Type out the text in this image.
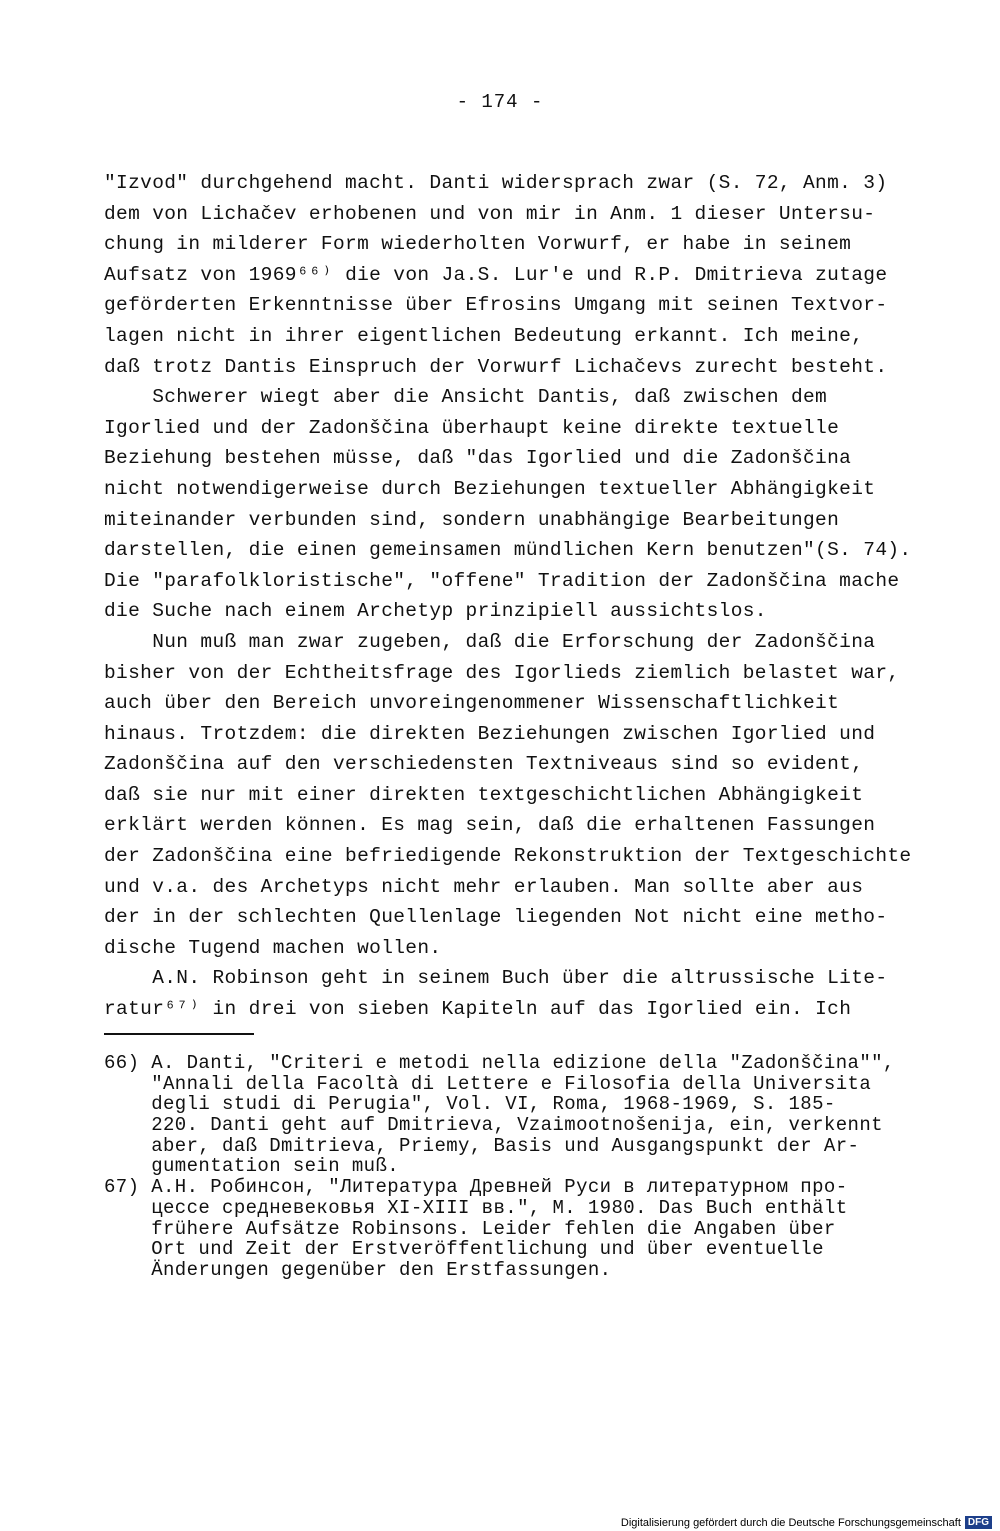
- 174 -
"Izvod" durchgehend macht. Danti widersprach zwar (S. 72, Anm. 3)
dem von Lichačev erhobenen und von mir in Anm. 1 dieser Untersu-
chung in milderer Form wiederholten Vorwurf, er habe in seinem
Aufsatz von 1969⁶⁶⁾ die von Ja.S. Lur'e und R.P. Dmitrieva zutage
geförderten Erkenntnisse über Efrosins Umgang mit seinen Textvor-
lagen nicht in ihrer eigentlichen Bedeutung erkannt. Ich meine,
daß trotz Dantis Einspruch der Vorwurf Lichačevs zurecht besteht.
Schwerer wiegt aber die Ansicht Dantis, daß zwischen dem
Igorlied und der Zadonščina überhaupt keine direkte textuelle
Beziehung bestehen müsse, daß "das Igorlied und die Zadonščina
nicht notwendigerweise durch Beziehungen textueller Abhängigkeit
miteinander verbunden sind, sondern unabhängige Bearbeitungen
darstellen, die einen gemeinsamen mündlichen Kern benutzen"(S. 74).
Die "parafolkloristische", "offene" Tradition der Zadonščina mache
die Suche nach einem Archetyp prinzipiell aussichtslos.
Nun muß man zwar zugeben, daß die Erforschung der Zadonščina
bisher von der Echtheitsfrage des Igorlieds ziemlich belastet war,
auch über den Bereich unvoreingenommener Wissenschaftlichkeit
hinaus. Trotzdem: die direkten Beziehungen zwischen Igorlied und
Zadonščina auf den verschiedensten Textniveaus sind so evident,
daß sie nur mit einer direkten textgeschichtlichen Abhängigkeit
erklärt werden können. Es mag sein, daß die erhaltenen Fassungen
der Zadonščina eine befriedigende Rekonstruktion der Textgeschichte
und v.a. des Archetyps nicht mehr erlauben. Man sollte aber aus
der in der schlechten Quellenlage liegenden Not nicht eine metho-
dische Tugend machen wollen.
A.N. Robinson geht in seinem Buch über die altrussische Lite-
ratur⁶⁷⁾ in drei von sieben Kapiteln auf das Igorlied ein. Ich
66) A. Danti, "Criteri e metodi nella edizione della "Zadonščina"",
"Annali della Facoltà di Lettere e Filosofia della Universita
degli studi di Perugia", Vol. VI, Roma, 1968-1969, S. 185-
220. Danti geht auf Dmitrieva, Vzaimootnošenija, ein, verkennt
aber, daß Dmitrieva, Priemy, Basis und Ausgangspunkt der Ar-
gumentation sein muß.
67) A.H. Робинсон, "Литература Древней Руси в литературном про-
цессе средневековья XI-XIII вв.", М. 1980. Das Buch enthält
frühere Aufsätze Robinsons. Leider fehlen die Angaben über
Ort und Zeit der Erstveröffentlichung und über eventuelle
Änderungen gegenüber den Erstfassungen.
Digitalisierung gefördert durch die Deutsche Forschungsgemeinschaft DFG
